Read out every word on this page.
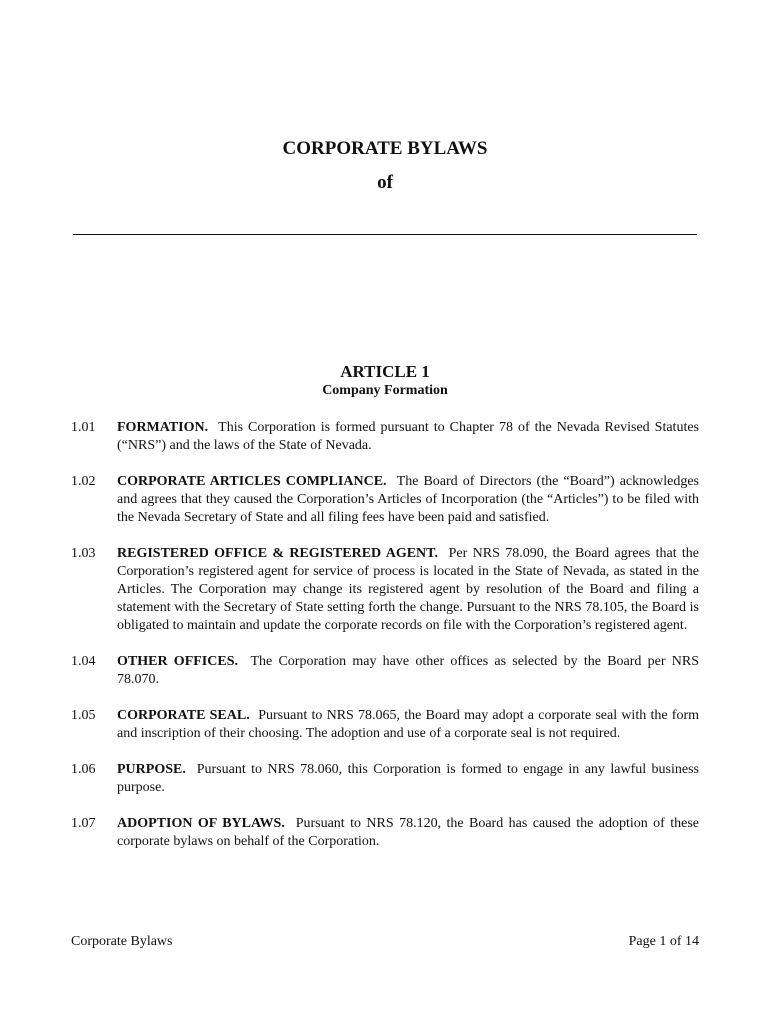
CORPORATE BYLAWS
of
ARTICLE 1
Company Formation
1.01	FORMATION. This Corporation is formed pursuant to Chapter 78 of the Nevada Revised Statutes (“NRS”) and the laws of the State of Nevada.
1.02	CORPORATE ARTICLES COMPLIANCE. The Board of Directors (the “Board”) acknowledges and agrees that they caused the Corporation’s Articles of Incorporation (the “Articles”) to be filed with the Nevada Secretary of State and all filing fees have been paid and satisfied.
1.03	REGISTERED OFFICE & REGISTERED AGENT. Per NRS 78.090, the Board agrees that the Corporation’s registered agent for service of process is located in the State of Nevada, as stated in the Articles. The Corporation may change its registered agent by resolution of the Board and filing a statement with the Secretary of State setting forth the change. Pursuant to the NRS 78.105, the Board is obligated to maintain and update the corporate records on file with the Corporation’s registered agent.
1.04	OTHER OFFICES. The Corporation may have other offices as selected by the Board per NRS 78.070.
1.05	CORPORATE SEAL. Pursuant to NRS 78.065, the Board may adopt a corporate seal with the form and inscription of their choosing. The adoption and use of a corporate seal is not required.
1.06	PURPOSE. Pursuant to NRS 78.060, this Corporation is formed to engage in any lawful business purpose.
1.07	ADOPTION OF BYLAWS. Pursuant to NRS 78.120, the Board has caused the adoption of these corporate bylaws on behalf of the Corporation.
Corporate Bylaws	Page 1 of 14
